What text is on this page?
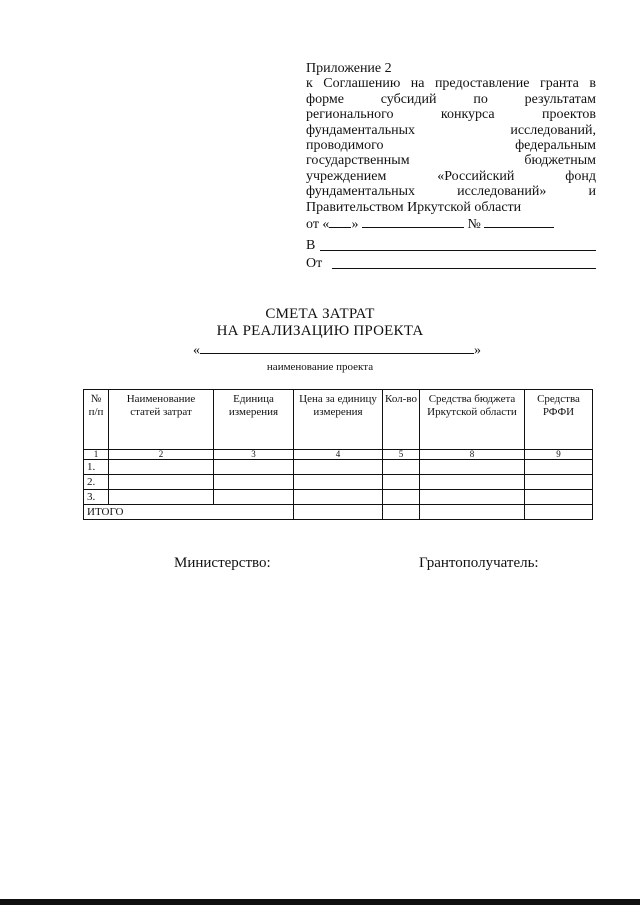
Приложение 2
к Соглашению на предоставление гранта в
форме субсидий по результатам
регионального конкурса проектов
фундаментальных исследований,
проводимого федеральным
государственным бюджетным
учреждением «Российский фонд
фундаментальных исследований» и
Правительством Иркутской области
от « »	№
В
От
СМЕТА ЗАТРАТ
НА РЕАЛИЗАЦИЮ ПРОЕКТА
«	»
наименование проекта
№ п/п	Наименование статей затрат	Единица измерения	Цена за единицу измерения	Кол-во	Средства бюджета Иркутской области	Средства РФФИ
1	2	3	4	5	8	9
1.						
2.						
3.						
ИТОГО						
Министерство:	Грантополучатель:
